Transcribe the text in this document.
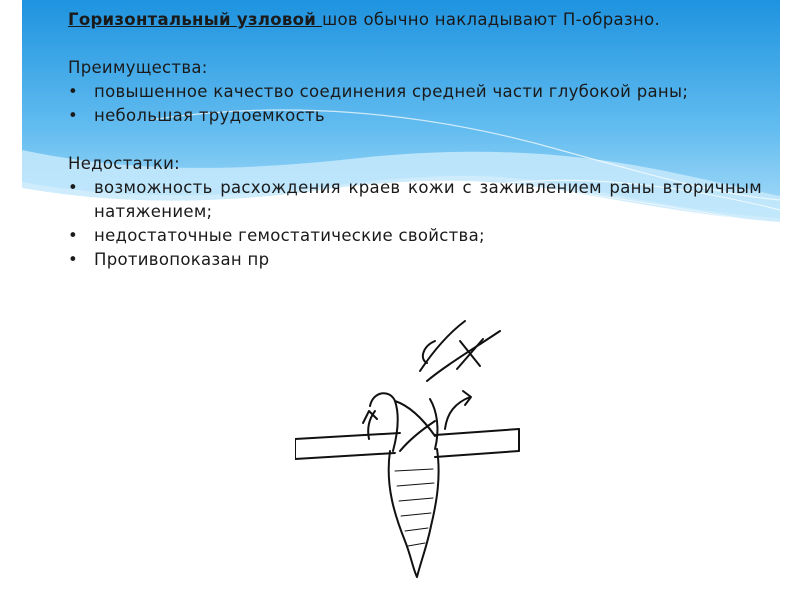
Горизонтальный узловой шов обычно накладывают П-образно.

Преимущества:

• повышенное качество соединения средней части глубокой раны;
• небольшая трудоемкость

Недостатки:

• возможность расхождения краев кожи с заживлением раны вторичным натяжением;
• недостаточные гемостатические свойства;
• Противопоказан пр
